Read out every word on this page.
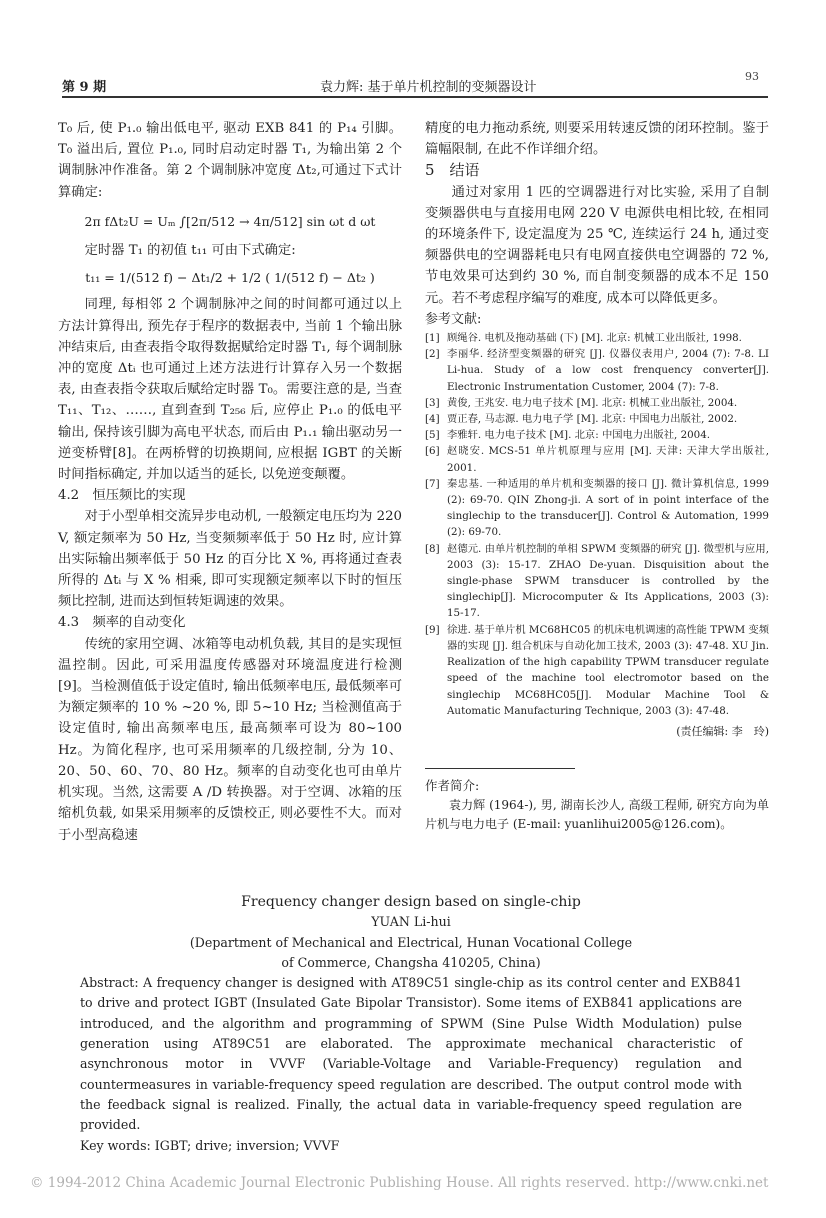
第 9 期	袁力辉: 基于单片机控制的变频器设计
93

T₀ 后, 使 P₁.₀ 输出低电平, 驱动 EXB 841 的 P₁₄ 引脚。T₀ 溢出后, 置位 P₁.₀, 同时启动定时器 T₁, 为输出第 2 个调制脉冲作准备。第 2 个调制脉冲宽度 Δt₂,可通过下式计算确定:

2π fΔt₂U = Uₘ ∫[2π/512 → 4π/512] sin ωt d ωt

定时器 T₁ 的初值 t₁₁ 可由下式确定:

t₁₁ = 1/(512 f) − Δt₁/2 + 1/2 ( 1/(512 f) − Δt₂ )

同理, 每相邻 2 个调制脉冲之间的时间都可通过以上方法计算得出, 预先存于程序的数据表中, 当前 1 个输出脉冲结束后, 由查表指令取得数据赋给定时器 T₁, 每个调制脉冲的宽度 Δtᵢ 也可通过上述方法进行计算存入另一个数据表, 由查表指令获取后赋给定时器 T₀。需要注意的是, 当查 T₁₁、T₁₂、……, 直到查到 T₂₅₆ 后, 应停止 P₁.₀ 的低电平输出, 保持该引脚为高电平状态, 而后由 P₁.₁ 输出驱动另一逆变桥臂[8]。在两桥臂的切换期间, 应根据 IGBT 的关断时间指标确定, 并加以适当的延长, 以免逆变颠覆。

4.2　恒压频比的实现

对于小型单相交流异步电动机, 一般额定电压均为 220 V, 额定频率为 50 Hz, 当变频频率低于 50 Hz 时, 应计算出实际输出频率低于 50 Hz 的百分比 X %, 再将通过查表所得的 Δtᵢ 与 X % 相乘, 即可实现额定频率以下时的恒压频比控制, 进而达到恒转矩调速的效果。

4.3　频率的自动变化

传统的家用空调、冰箱等电动机负载, 其目的是实现恒温控制。因此, 可采用温度传感器对环境温度进行检测[9]。当检测值低于设定值时, 输出低频率电压, 最低频率可为额定频率的 10 % ~20 %, 即 5~10 Hz; 当检测值高于设定值时, 输出高频率电压, 最高频率可设为 80~100 Hz。为简化程序, 也可采用频率的几级控制, 分为 10、20、50、60、70、80 Hz。频率的自动变化也可由单片机实现。当然, 这需要 A /D 转换器。对于空调、冰箱的压缩机负载, 如果采用频率的反馈校正, 则必要性不大。而对于小型高稳速

精度的电力拖动系统, 则要采用转速反馈的闭环控制。鉴于篇幅限制, 在此不作详细介绍。

5　结语

通过对家用 1 匹的空调器进行对比实验, 采用了自制变频器供电与直接用电网 220 V 电源供电相比较, 在相同的环境条件下, 设定温度为 25 ℃, 连续运行 24 h, 通过变频器供电的空调器耗电只有电网直接供电空调器的 72 %, 节电效果可达到约 30 %, 而自制变频器的成本不足 150 元。若不考虑程序编写的难度, 成本可以降低更多。

参考文献:

[1] 顾绳谷. 电机及拖动基础 (下) [M]. 北京: 机械工业出版社, 1998.
[2] 李丽华. 经济型变频器的研究 [J]. 仪器仪表用户, 2004 (7): 7-8. LI Li-hua. Study of a low cost frenquency converter[J]. Electronic Instrumentation Customer, 2004 (7): 7-8.
[3] 黄俊, 王兆安. 电力电子技术 [M]. 北京: 机械工业出版社, 2004.
[4] 贾正春, 马志源. 电力电子学 [M]. 北京: 中国电力出版社, 2002.
[5] 李雅轩. 电力电子技术 [M]. 北京: 中国电力出版社, 2004.
[6] 赵晓安. MCS-51 单片机原理与应用 [M]. 天津: 天津大学出版社, 2001.
[7] 秦忠基. 一种适用的单片机和变频器的接口 [J]. 微计算机信息, 1999 (2): 69-70. QIN Zhong-ji. A sort of in point interface of the singlechip to the transducer[J]. Control & Automation, 1999 (2): 69-70.
[8] 赵德元. 由单片机控制的单相 SPWM 变频器的研究 [J]. 微型机与应用, 2003 (3): 15-17. ZHAO De-yuan. Disquisition about the single-phase SPWM transducer is controlled by the singlechip[J]. Microcomputer & Its Applications, 2003 (3): 15-17.
[9] 徐进. 基于单片机 MC68HC05 的机床电机调速的高性能 TPWM 变频器的实现 [J]. 组合机床与自动化加工技术, 2003 (3): 47-48. XU Jin. Realization of the high capability TPWM transducer regulate speed of the machine tool electromotor based on the singlechip MC68HC05[J]. Modular Machine Tool & Automatic Manufacturing Technique, 2003 (3): 47-48.
(责任编辑: 李　玲)
作者简介:
袁力辉 (1964-), 男, 湖南长沙人, 高级工程师, 研究方向为单片机与电力电子 (E-mail: yuanlihui2005@126.com)。
Frequency changer design based on single-chip
YUAN Li-hui
(Department of Mechanical and Electrical, Hunan Vocational College
of Commerce, Changsha 410205, China)
Abstract: A frequency changer is designed with AT89C51 single-chip as its control center and EXB841 to drive and protect IGBT (Insulated Gate Bipolar Transistor). Some items of EXB841 applications are introduced, and the algorithm and programming of SPWM (Sine Pulse Width Modulation) pulse generation using AT89C51 are elaborated. The approximate mechanical characteristic of asynchronous motor in VVVF (Variable-Voltage and Variable-Frequency) regulation and countermeasures in variable-frequency speed regulation are described. The output control mode with the feedback signal is realized. Finally, the actual data in variable-frequency speed regulation are provided.
Key words: IGBT; drive; inversion; VVVF
© 1994-2012 China Academic Journal Electronic Publishing House. All rights reserved. http://www.cnki.net
